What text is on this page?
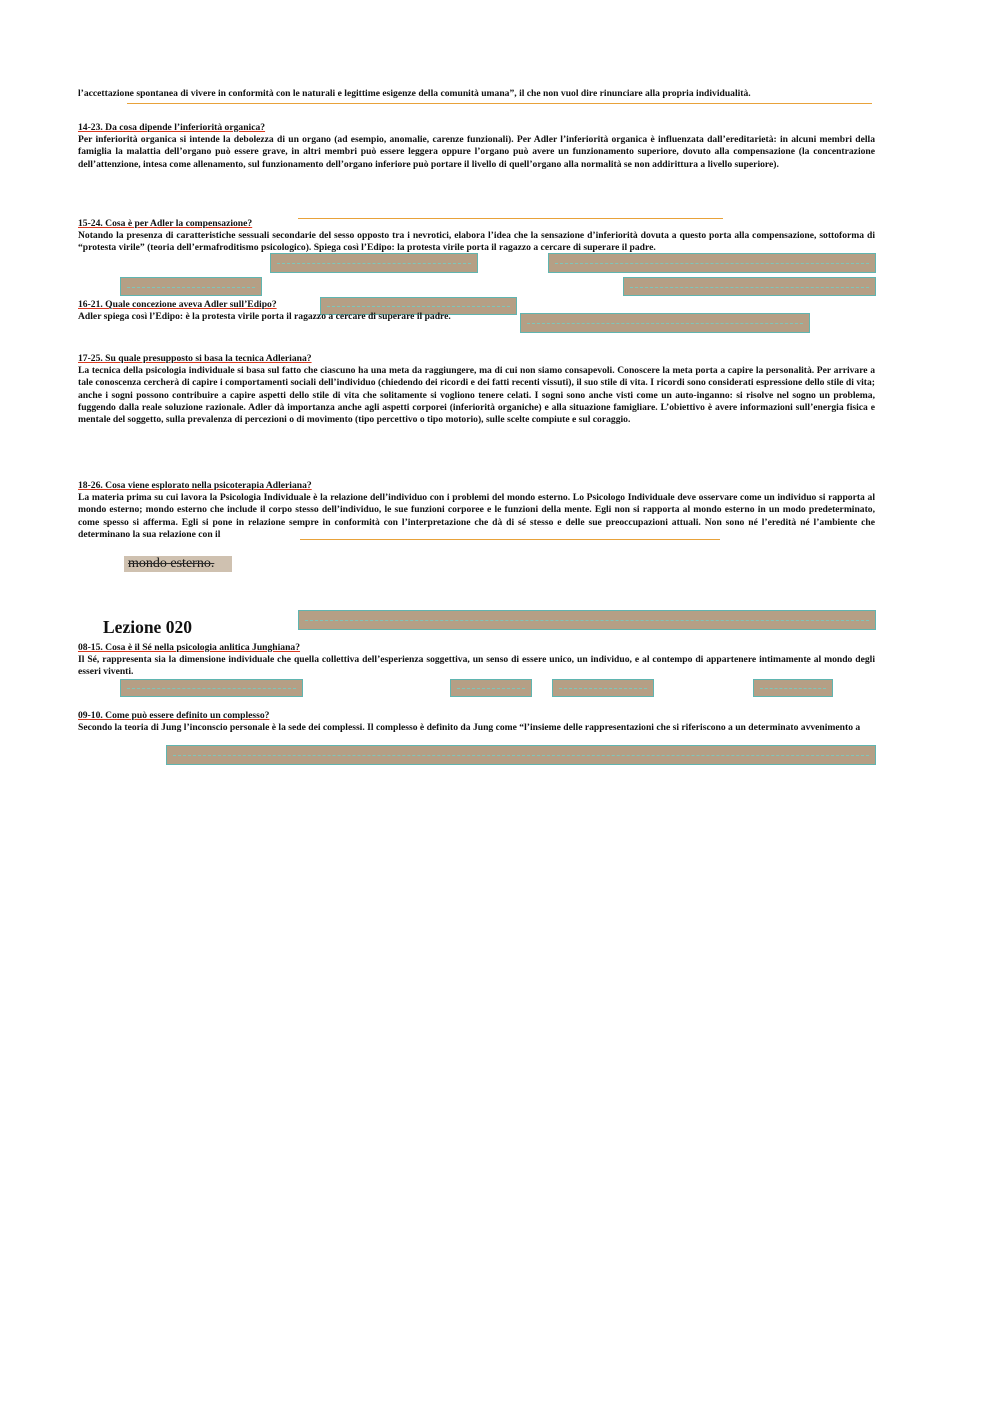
l’accettazione spontanea di vivere in conformità con le naturali e legittime esigenze della comunità umana”, il che non vuol dire rinunciare alla propria individualità.

14-23. Da cosa dipende l’inferiorità organica?

Per inferiorità organica si intende la debolezza di un organo (ad esempio, anomalie, carenze funzionali). Per Adler l’inferiorità organica è influenzata dall’ereditarietà: in alcuni membri della famiglia la malattia dell’organo può essere grave, in altri membri può essere leggera oppure l’organo può avere un funzionamento superiore, dovuto alla compensazione (la concentrazione dell’attenzione, intesa come allenamento, sul funzionamento dell’organo inferiore può portare il livello di quell’organo alla normalità se non addirittura a livello superiore).

15-24. Cosa è per Adler la compensazione?

Notando la presenza di caratteristiche sessuali secondarie del sesso opposto tra i nevrotici, elabora l’idea che la sensazione d’inferiorità dovuta a questo porta alla compensazione, sottoforma di “protesta virile” (teoria dell’ermafroditismo psicologico). Spiega così l’Edipo: la protesta virile porta il ragazzo a cercare di superare il padre.

16-21. Quale concezione aveva Adler sull’Edipo?

Adler spiega così l’Edipo: è la protesta virile porta il ragazzo a cercare di superare il padre.

17-25. Su quale presupposto si basa la tecnica Adleriana?

La tecnica della psicologia individuale si basa sul fatto che ciascuno ha una meta da raggiungere, ma di cui non siamo consapevoli. Conoscere la meta porta a capire la personalità. Per arrivare a tale conoscenza cercherà di capire i comportamenti sociali dell’individuo (chiedendo dei ricordi e dei fatti recenti vissuti), il suo stile di vita. I ricordi sono considerati espressione dello stile di vita; anche i sogni possono contribuire a capire aspetti dello stile di vita che solitamente si vogliono tenere celati. I sogni sono anche visti come un auto-inganno: si risolve nel sogno un problema, fuggendo dalla reale soluzione razionale. Adler dà importanza anche agli aspetti corporei (inferiorità organiche) e alla situazione famigliare. L’obiettivo è avere informazioni sull’energia fisica e mentale del soggetto, sulla prevalenza di percezioni o di movimento (tipo percettivo o tipo motorio), sulle scelte compiute e sul coraggio.

18-26. Cosa viene esplorato nella psicoterapia Adleriana?

La materia prima su cui lavora la Psicologia Individuale è la relazione dell’individuo con i problemi del mondo esterno. Lo Psicologo Individuale deve osservare come un individuo si rapporta al mondo esterno; mondo esterno che include il corpo stesso dell’individuo, le sue funzioni corporee e le funzioni della mente. Egli non si rapporta al mondo esterno in un modo predeterminato, come spesso si afferma. Egli si pone in relazione sempre in conformità con l’interpretazione che dà di sé stesso e delle sue preoccupazioni attuali. Non sono né l’eredità né l’ambiente che determinano la sua relazione con il

08-15. Cosa è il Sé nella psicologia anlitica Junghiana?

Il Sé, rappresenta sia la dimensione individuale che quella collettiva dell’esperienza soggettiva, un senso di essere unico, un individuo, e al contempo di appartenere intimamente al mondo degli esseri viventi.

09-10. Come può essere definito un complesso?

Secondo la teoria di Jung l’inconscio personale è la sede dei complessi. Il complesso è definito da Jung come “l’insieme delle rappresentazioni che si riferiscono a un determinato avvenimento a

mondo esterno.
Lezione 020
